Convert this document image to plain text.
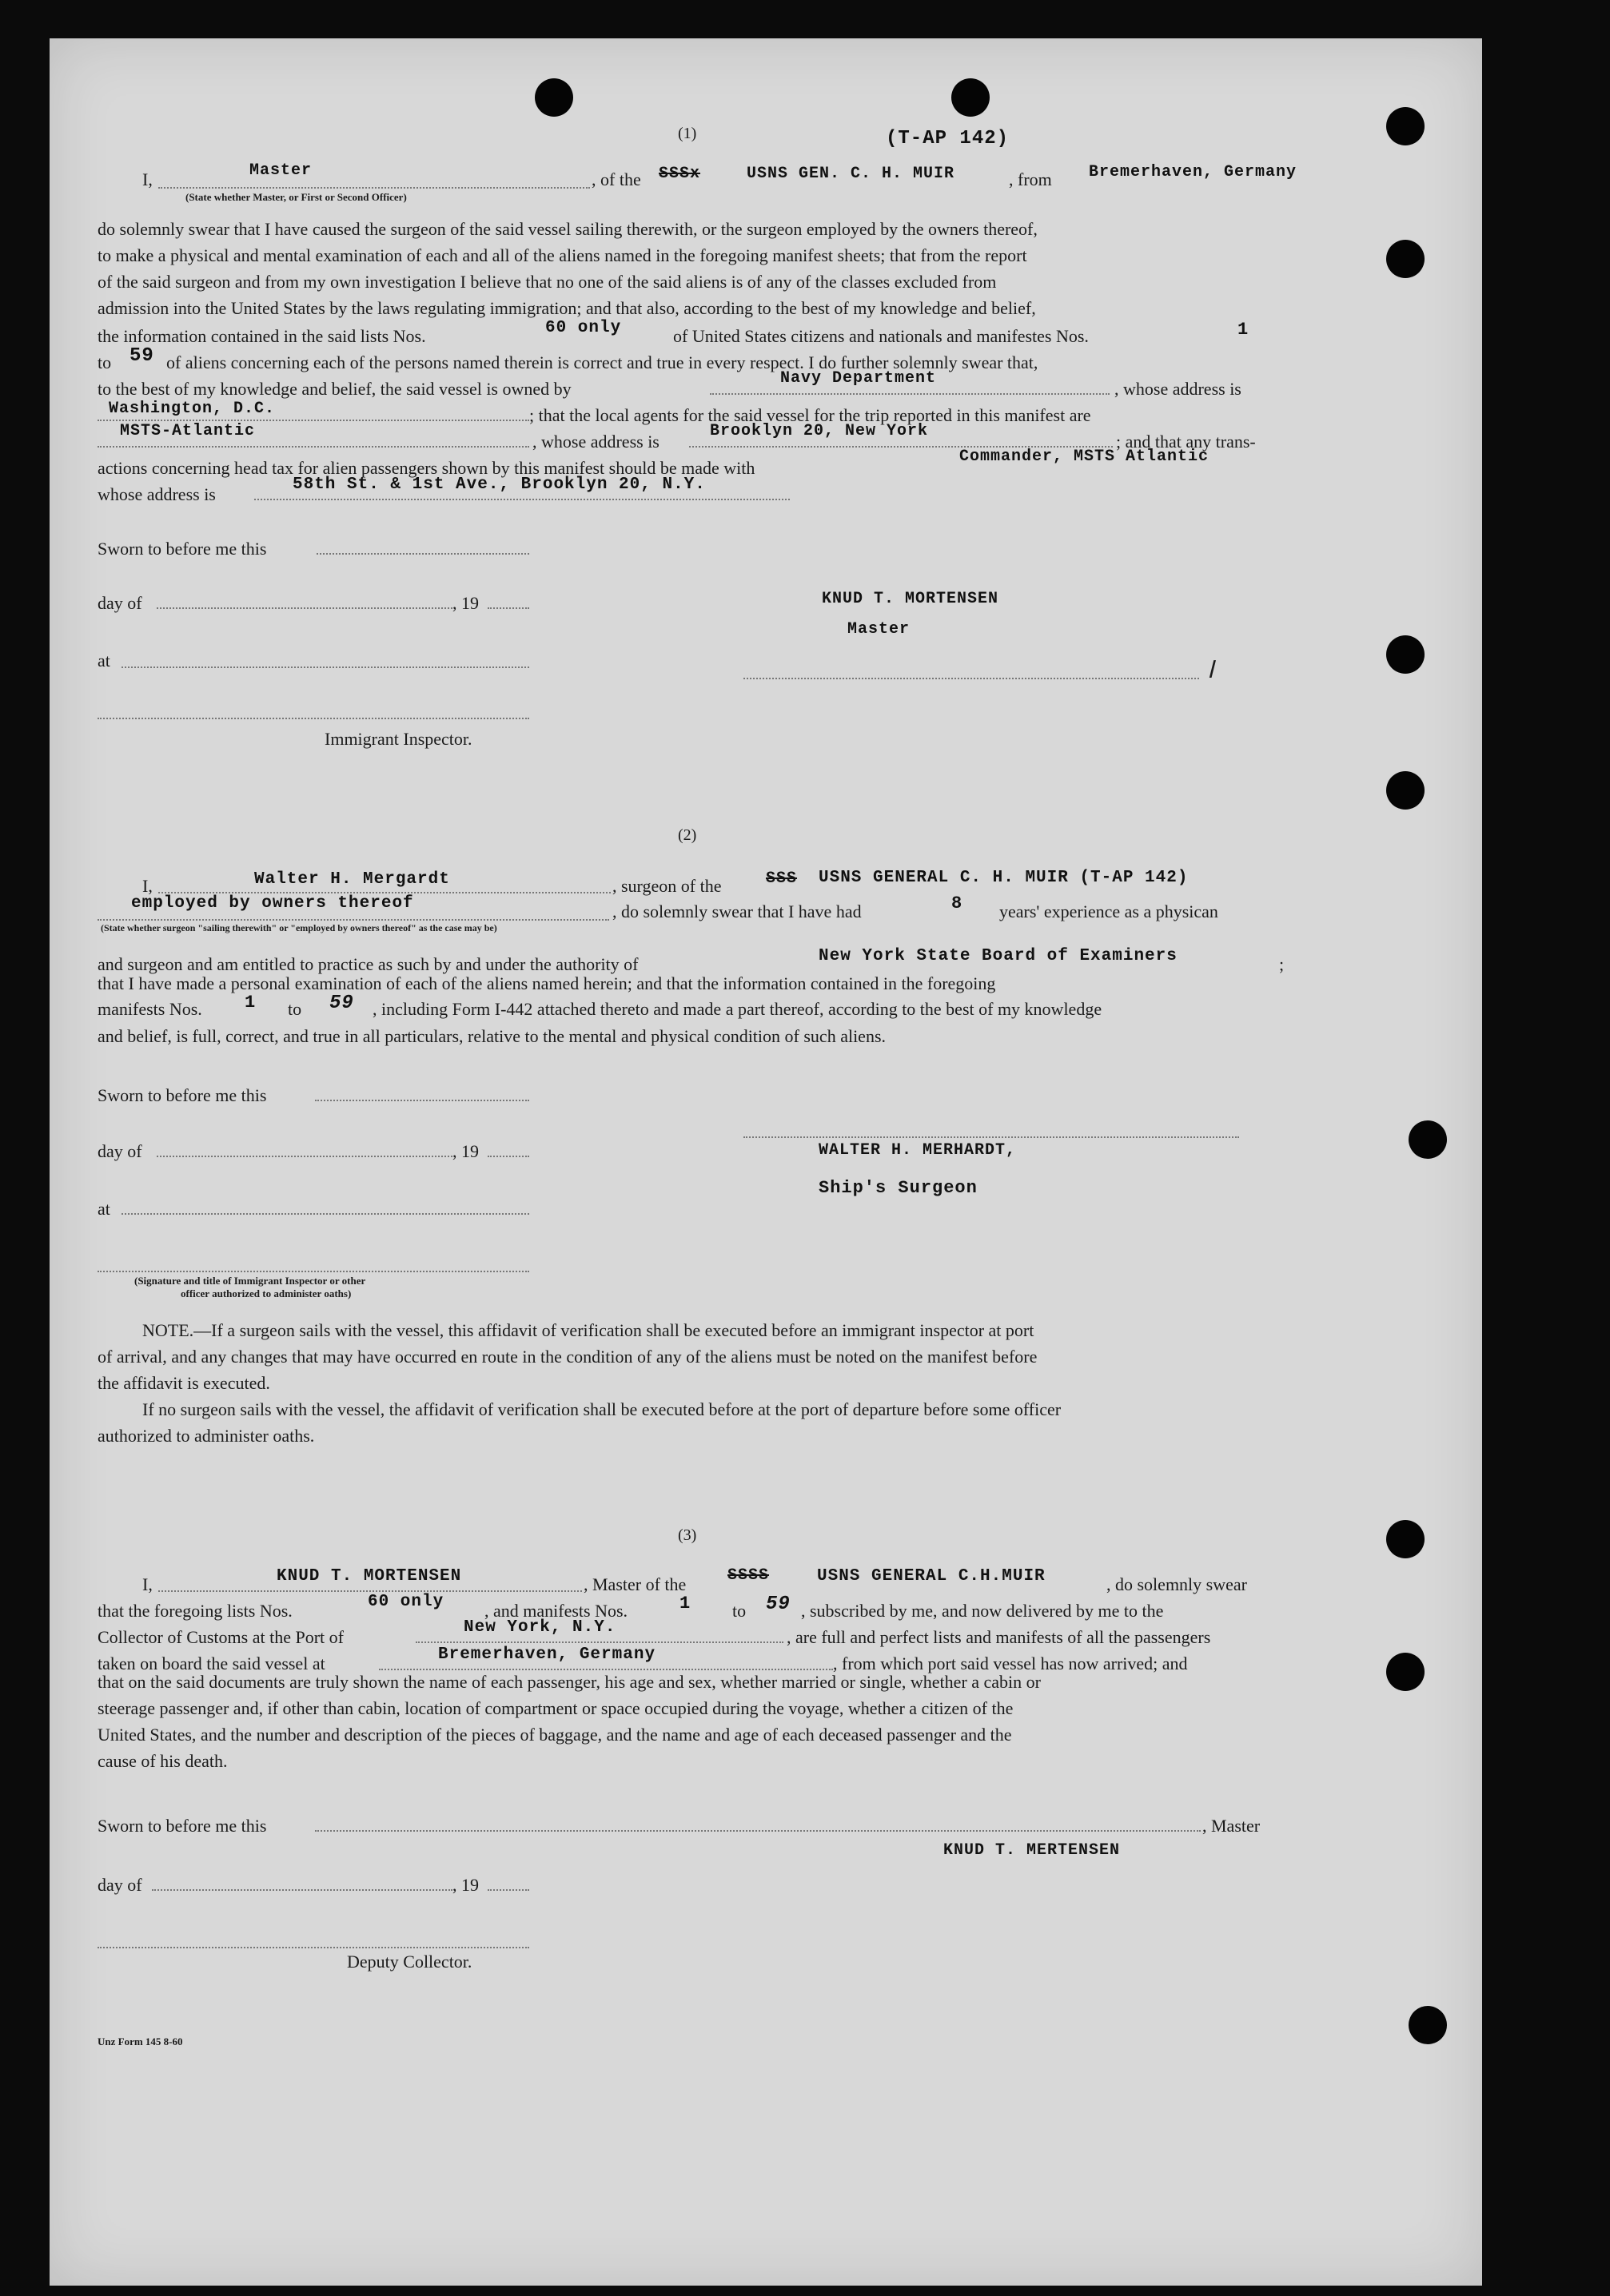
(1)	(T-AP 142)
I,	Master	, of the SSSx	USNS GEN. C. H. MUIR	, from Bremerhaven, Germany
(State whether Master, or First or Second Officer)
do solemnly swear that I have caused the surgeon of the said vessel sailing therewith, or the surgeon employed by the owners thereof,
to make a physical and mental examination of each and all of the aliens named in the foregoing manifest sheets; that from the report
of the said surgeon and from my own investigation I believe that no one of the said aliens is of any of the classes excluded from
admission into the United States by the laws regulating immigration; and that also, according to the best of my knowledge and belief,
the information contained in the said lists Nos.	60 only	of United States citizens and nationals and manifestes Nos.	1
to 59 of aliens concerning each of the persons named therein is correct and true in every respect. I do further solemnly swear that,
to the best of my knowledge and belief, the said vessel is owned by
Navy Department
, whose address is
Washington, D.C.	; that the local agents for the said vessel for the trip reported in this manifest are
MSTS-Atlantic
, whose address is
Brooklyn 20, New York
; and that any trans-
actions concerning head tax for alien passengers shown by this manifest should be made with
Commander, MSTS Atlantic
whose address is	58th St. & 1st Ave., Brooklyn 20, N.Y.
Sworn to before me this
day of	, 19
at
Immigrant Inspector.
KNUD T. MORTENSEN
Master
ߊ
(2)
I,	Walter H. Mergardt	, surgeon of the	SSS USNS GENERAL C. H. MUIR (T-AP 142)
employed by owners thereof	, do solemnly swear that I have had	8 years' experience as a physican
(State whether surgeon "sailing therewith" or "employed by owners thereof" as the case may be)
and surgeon and am entitled to practice as such by and under the authority of	New York State Board of Examiners	;
that I have made a personal examination of each of the aliens named herein; and that the information contained in the foregoing
manifests Nos. 1 to 59 , including Form I-442 attached thereto and made a part thereof, according to the best of my knowledge
and belief, is full, correct, and true in all particulars, relative to the mental and physical condition of such aliens.
Sworn to before me this
day of	, 19
at
(Signature and title of Immigrant Inspector or other
officer authorized to administer oaths)
WALTER H. MERHARDT,
Ship's Surgeon
NOTE.—If a surgeon sails with the vessel, this affidavit of verification shall be executed before an immigrant inspector at port
of arrival, and any changes that may have occurred en route in the condition of any of the aliens must be noted on the manifest before
the affidavit is executed.
If no surgeon sails with the vessel, the affidavit of verification shall be executed before at the port of departure before some officer
authorized to administer oaths.
(3)
I,	KNUD T. MORTENSEN	, Master of the	SSSS	USNS GENERAL C.H.MUIR	, do solemnly swear
that the foregoing lists Nos.	60 only , and manifests Nos.	1 to 59 , subscribed by me, and now delivered by me to the
Collector of Customs at the Port of	New York, N.Y.	, are full and perfect lists and manifests of all the passengers
taken on board the said vessel at	Bremerhaven, Germany	, from which port said vessel has now arrived; and
that on the said documents are truly shown the name of each passenger, his age and sex, whether married or single, whether a cabin or
steerage passenger and, if other than cabin, location of compartment or space occupied during the voyage, whether a citizen of the
United States, and the number and description of the pieces of baggage, and the name and age of each deceased passenger and the
cause of his death.
Sworn to before me this	, Master
KNUD T. MERTENSEN
day of	, 19
Deputy Collector.
Unz Form 145 8-60
